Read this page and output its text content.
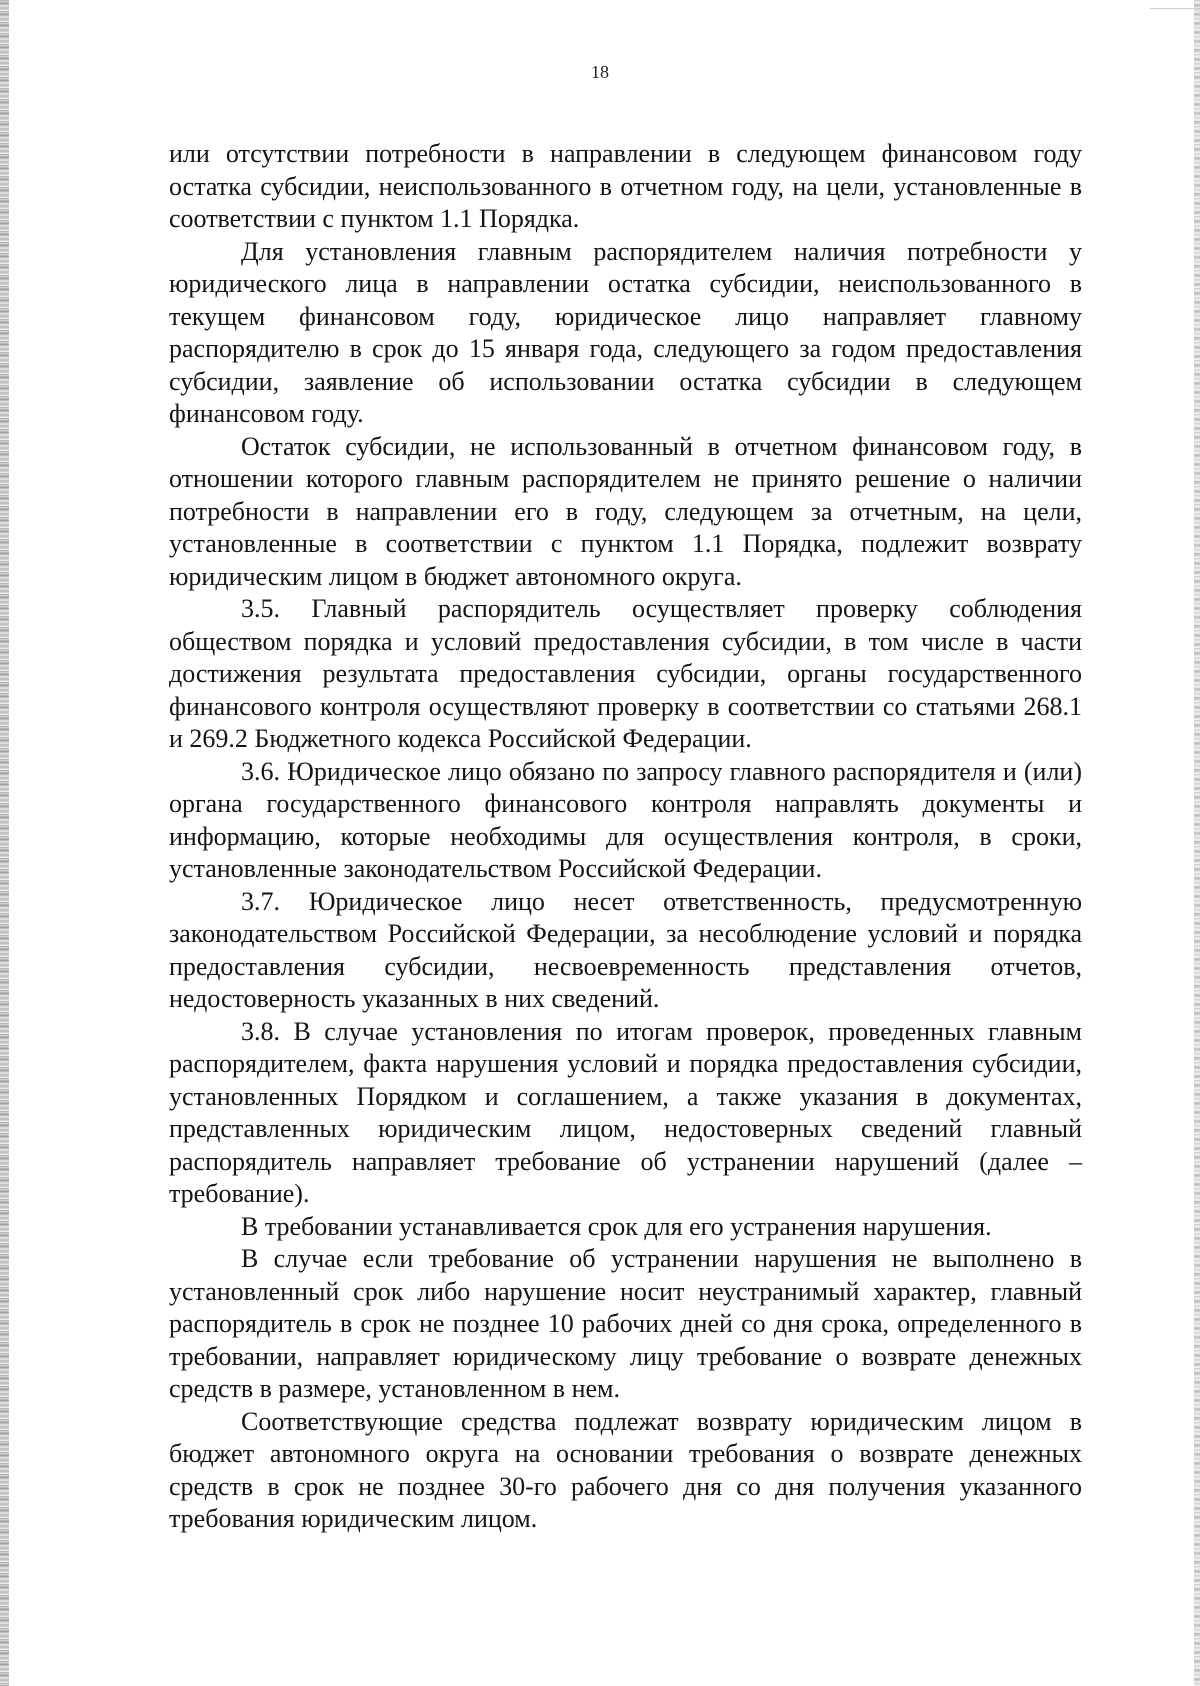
18

или отсутствии потребности в направлении в следующем финансовом году остатка субсидии, неиспользованного в отчетном году, на цели, установленные в соответствии с пунктом 1.1 Порядка.

Для установления главным распорядителем наличия потребности у юридического лица в направлении остатка субсидии, неиспользованного в текущем финансовом году, юридическое лицо направляет главному распорядителю в срок до 15 января года, следующего за годом предоставления субсидии, заявление об использовании остатка субсидии в следующем финансовом году.

Остаток субсидии, не использованный в отчетном финансовом году, в отношении которого главным распорядителем не принято решение о наличии потребности в направлении его в году, следующем за отчетным, на цели, установленные в соответствии с пунктом 1.1 Порядка, подлежит возврату юридическим лицом в бюджет автономного округа.

3.5. Главный распорядитель осуществляет проверку соблюдения обществом порядка и условий предоставления субсидии, в том числе в части достижения результата предоставления субсидии, органы государственного финансового контроля осуществляют проверку в соответствии со статьями 268.1 и 269.2 Бюджетного кодекса Российской Федерации.

3.6. Юридическое лицо обязано по запросу главного распорядителя и (или) органа государственного финансового контроля направлять документы и информацию, которые необходимы для осуществления контроля, в сроки, установленные законодательством Российской Федерации.

3.7. Юридическое лицо несет ответственность, предусмотренную законодательством Российской Федерации, за несоблюдение условий и порядка предоставления субсидии, несвоевременность представления отчетов, недостоверность указанных в них сведений.

3.8. В случае установления по итогам проверок, проведенных главным распорядителем, факта нарушения условий и порядка предоставления субсидии, установленных Порядком и соглашением, а также указания в документах, представленных юридическим лицом, недостоверных сведений главный распорядитель направляет требование об устранении нарушений (далее – требование).

В требовании устанавливается срок для его устранения нарушения.

В случае если требование об устранении нарушения не выполнено в установленный срок либо нарушение носит неустранимый характер, главный распорядитель в срок не позднее 10 рабочих дней со дня срока, определенного в требовании, направляет юридическому лицу требование о возврате денежных средств в размере, установленном в нем.

Соответствующие средства подлежат возврату юридическим лицом в бюджет автономного округа на основании требования о возврате денежных средств в срок не позднее 30-го рабочего дня со дня получения указанного требования юридическим лицом.
